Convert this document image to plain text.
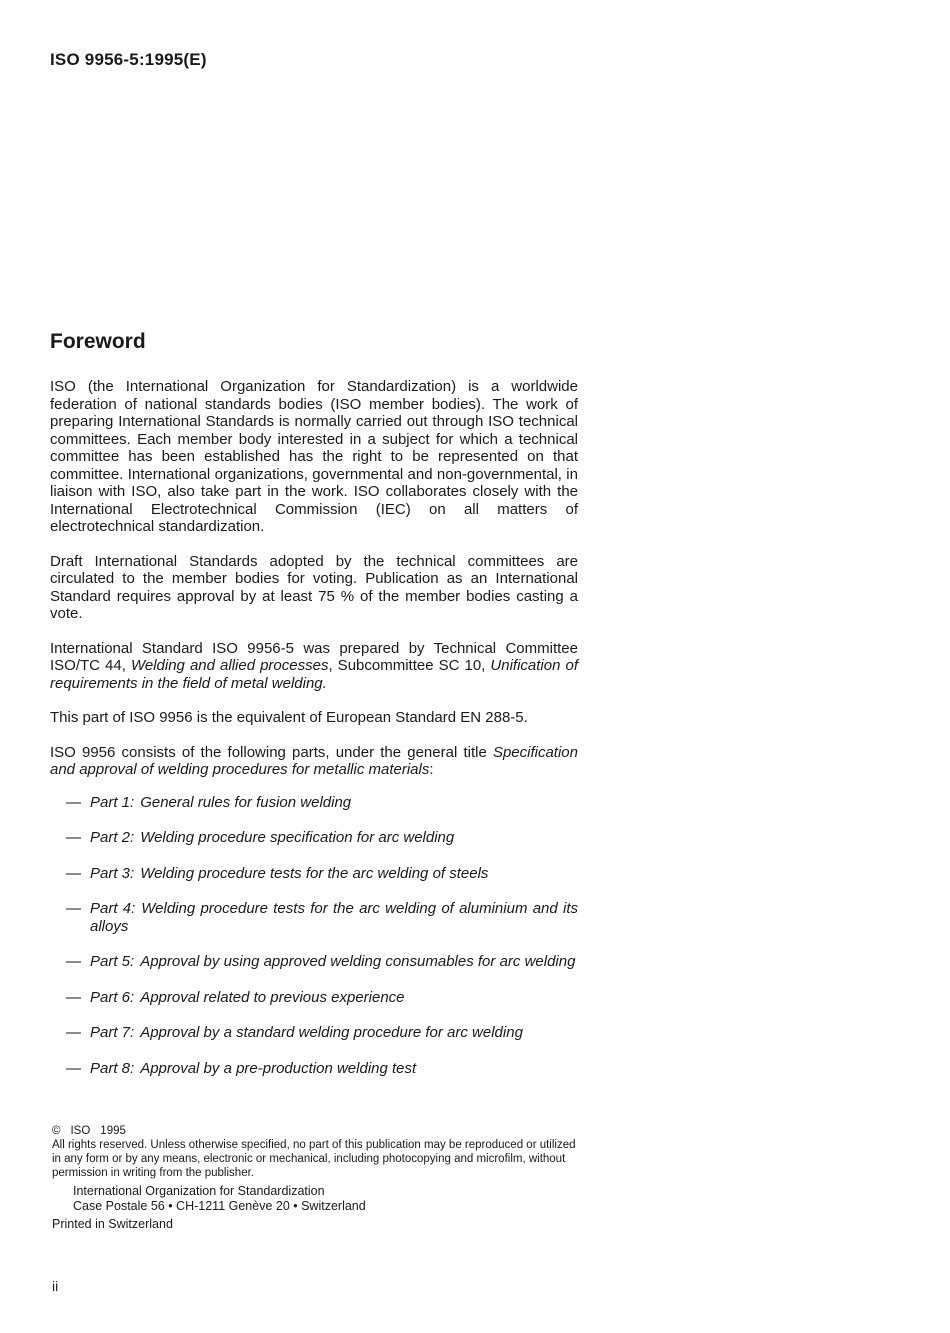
ISO 9956-5:1995(E)
Foreword

ISO (the International Organization for Standardization) is a worldwide federation of national standards bodies (ISO member bodies). The work of preparing International Standards is normally carried out through ISO technical committees. Each member body interested in a subject for which a technical committee has been established has the right to be represented on that committee. International organizations, governmental and non-governmental, in liaison with ISO, also take part in the work. ISO collaborates closely with the International Electrotechnical Commission (IEC) on all matters of electrotechnical standardization.

Draft International Standards adopted by the technical committees are circulated to the member bodies for voting. Publication as an International Standard requires approval by at least 75 % of the member bodies casting a vote.

International Standard ISO 9956-5 was prepared by Technical Committee ISO/TC 44, Welding and allied processes, Subcommittee SC 10, Unification of requirements in the field of metal welding.

This part of ISO 9956 is the equivalent of European Standard EN 288-5.

ISO 9956 consists of the following parts, under the general title Specification and approval of welding procedures for metallic materials:

— Part 1: General rules for fusion welding
— Part 2: Welding procedure specification for arc welding
— Part 3: Welding procedure tests for the arc welding of steels
— Part 4: Welding procedure tests for the arc welding of aluminium and its alloys
— Part 5: Approval by using approved welding consumables for arc welding
— Part 6: Approval related to previous experience
— Part 7: Approval by a standard welding procedure for arc welding
— Part 8: Approval by a pre-production welding test
© ISO 1995
All rights reserved. Unless otherwise specified, no part of this publication may be reproduced or utilized in any form or by any means, electronic or mechanical, including photocopying and microfilm, without permission in writing from the publisher.
International Organization for Standardization
Case Postale 56 • CH-1211 Genève 20 • Switzerland
Printed in Switzerland
ii
